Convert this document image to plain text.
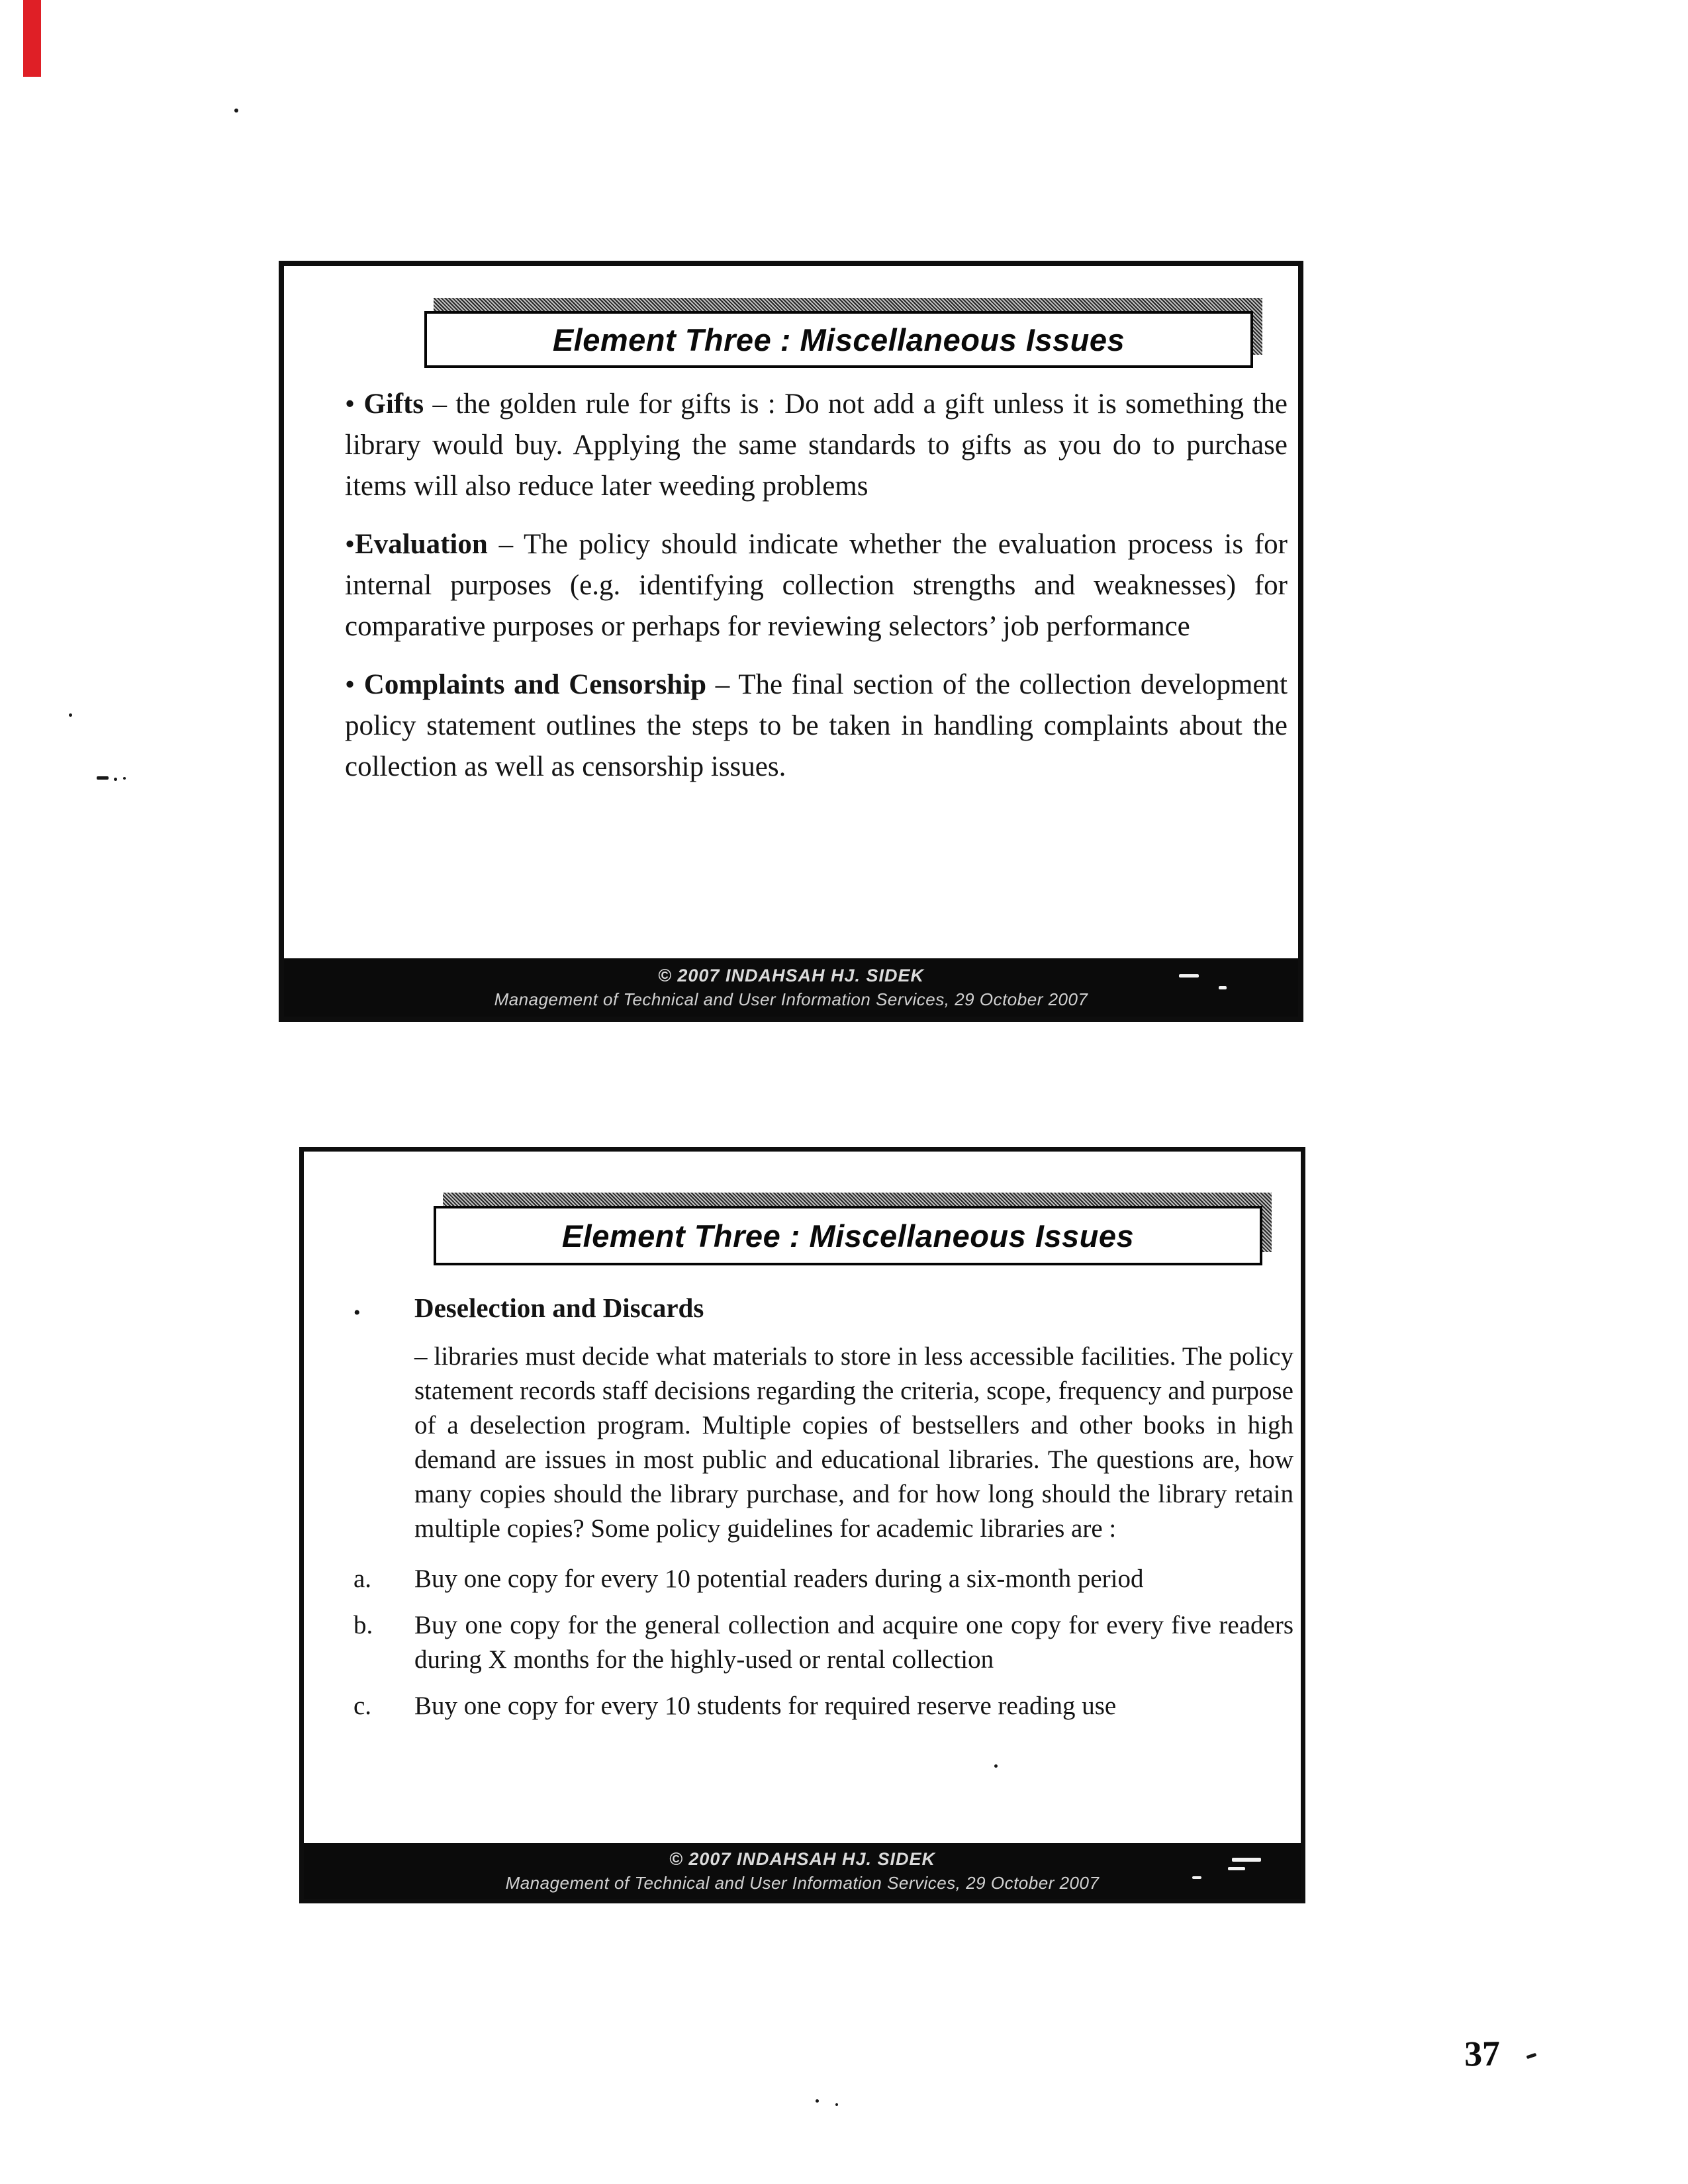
Element Three : Miscellaneous Issues

• Gifts – the golden rule for gifts is : Do not add a gift unless it is something the library would buy. Applying the same standards to gifts as you do to purchase items will also reduce later weeding problems

•Evaluation – The policy should indicate whether the evaluation process is for internal purposes (e.g. identifying collection strengths and weaknesses) for comparative purposes or perhaps for reviewing selectors’ job performance

• Complaints and Censorship – The final section of the collection development policy statement outlines the steps to be taken in handling complaints about the collection as well as censorship issues.

© 2007 INDAHSAH HJ. SIDEK
Management of Technical and User Information Services, 29 October 2007
Element Three : Miscellaneous Issues
•	Deselection and Discards
– libraries must decide what materials to store in less accessible facilities. The policy statement records staff decisions regarding the criteria, scope, frequency and purpose of a deselection program. Multiple copies of bestsellers and other books in high demand are issues in most public and educational libraries. The questions are, how many copies should the library purchase, and for how long should the library retain multiple copies? Some policy guidelines for academic libraries are :
a.	Buy one copy for every 10 potential readers during a six-month period
b.	Buy one copy for the general collection and acquire one copy for every five readers during X months for the highly-used or rental collection
c.	Buy one copy for every 10 students for required reserve reading use
© 2007 INDAHSAH HJ. SIDEK
Management of Technical and User Information Services, 29 October 2007
37
